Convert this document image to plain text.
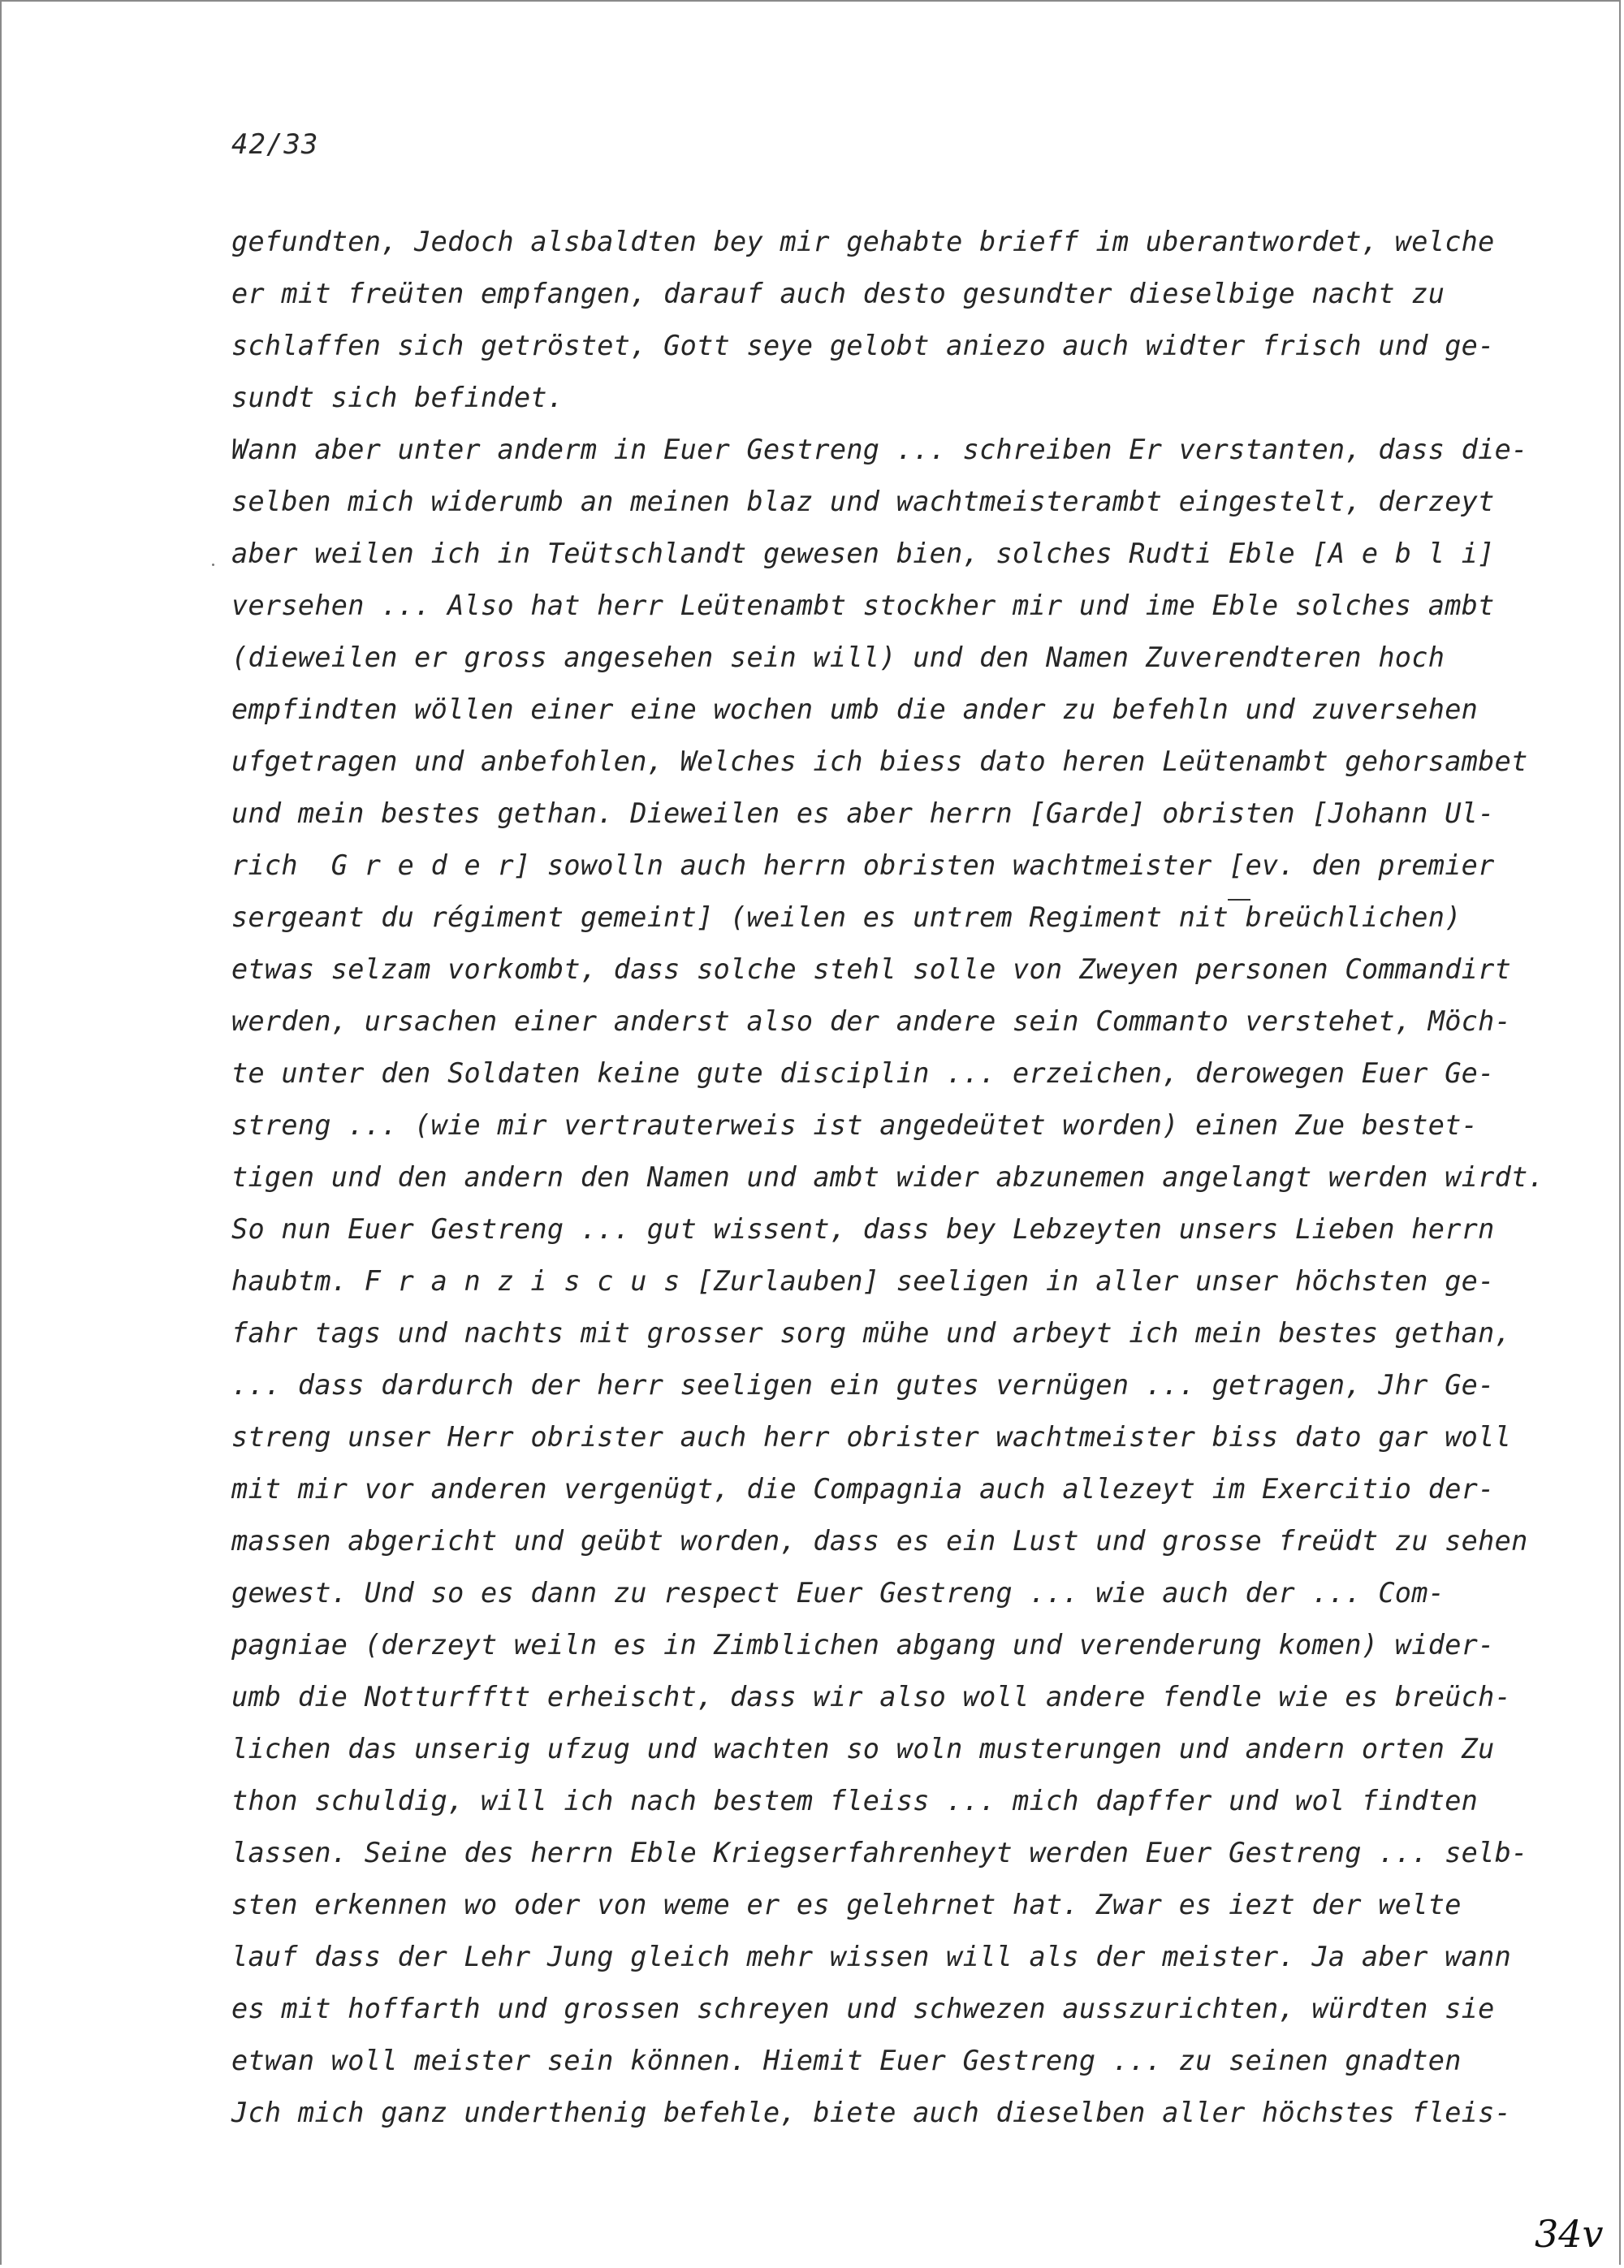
42/33
gefundten, Jedoch alsbaldten bey mir gehabte brieff im uberantwordet, welche
er mit freüten empfangen, darauf auch desto gesundter dieselbige nacht zu
schlaffen sich getröstet, Gott seye gelobt aniezo auch widter frisch und ge-
sundt sich befindet.
Wann aber unter anderm in Euer Gestreng ... schreiben Er verstanten, dass die-
selben mich widerumb an meinen blaz und wachtmeisterambt eingestelt, derzeyt
aber weilen ich in Teütschlandt gewesen bien, solches Rudti Eble [A e b l i]
versehen ... Also hat herr Leütenambt stockher mir und ime Eble solches ambt
(dieweilen er gross angesehen sein will) und den Namen Zuverendteren hoch
empfindten wöllen einer eine wochen umb die ander zu befehln und zuversehen
ufgetragen und anbefohlen, Welches ich biess dato heren Leütenambt gehorsambet
und mein bestes gethan. Dieweilen es aber herrn [Garde] obristen [Johann Ul-
rich  G r e d e r] sowolln auch herrn obristen wachtmeister [ev. den premier
sergeant du régiment gemeint] (weilen es untrem Regiment nit breüchlichen)
etwas selzam vorkombt, dass solche stehl solle von Zweyen personen Commandirt
werden, ursachen einer anderst also der andere sein Commanto verstehet, Möch-
te unter den Soldaten keine gute disciplin ... erzeichen, derowegen Euer Ge-
streng ... (wie mir vertrauterweis ist angedeütet worden) einen Zue bestet-
tigen und den andern den Namen und ambt wider abzunemen angelangt werden wirdt.
So nun Euer Gestreng ... gut wissent, dass bey Lebzeyten unsers Lieben herrn
haubtm. F r a n z i s c u s [Zurlauben] seeligen in aller unser höchsten ge-
fahr tags und nachts mit grosser sorg mühe und arbeyt ich mein bestes gethan,
... dass dardurch der herr seeligen ein gutes vernügen ... getragen, Jhr Ge-
streng unser Herr obrister auch herr obrister wachtmeister biss dato gar woll
mit mir vor anderen vergenügt, die Compagnia auch allezeyt im Exercitio der-
massen abgericht und geübt worden, dass es ein Lust und grosse freüdt zu sehen
gewest. Und so es dann zu respect Euer Gestreng ... wie auch der ... Com-
pagniae (derzeyt weiln es in Zimblichen abgang und verenderung komen) wider-
umb die Notturfftt erheischt, dass wir also woll andere fendle wie es breüch-
lichen das unserig ufzug und wachten so woln musterungen und andern orten Zu
thon schuldig, will ich nach bestem fleiss ... mich dapffer und wol findten
lassen. Seine des herrn Eble Kriegserfahrenheyt werden Euer Gestreng ... selb-
sten erkennen wo oder von weme er es gelehrnet hat. Zwar es iezt der welte
lauf dass der Lehr Jung gleich mehr wissen will als der meister. Ja aber wann
es mit hoffarth und grossen schreyen und schwezen ausszurichten, würdten sie
etwan woll meister sein können. Hiemit Euer Gestreng ... zu seinen gnadten
Jch mich ganz underthenig befehle, biete auch dieselben aller höchstes fleis-
34v
